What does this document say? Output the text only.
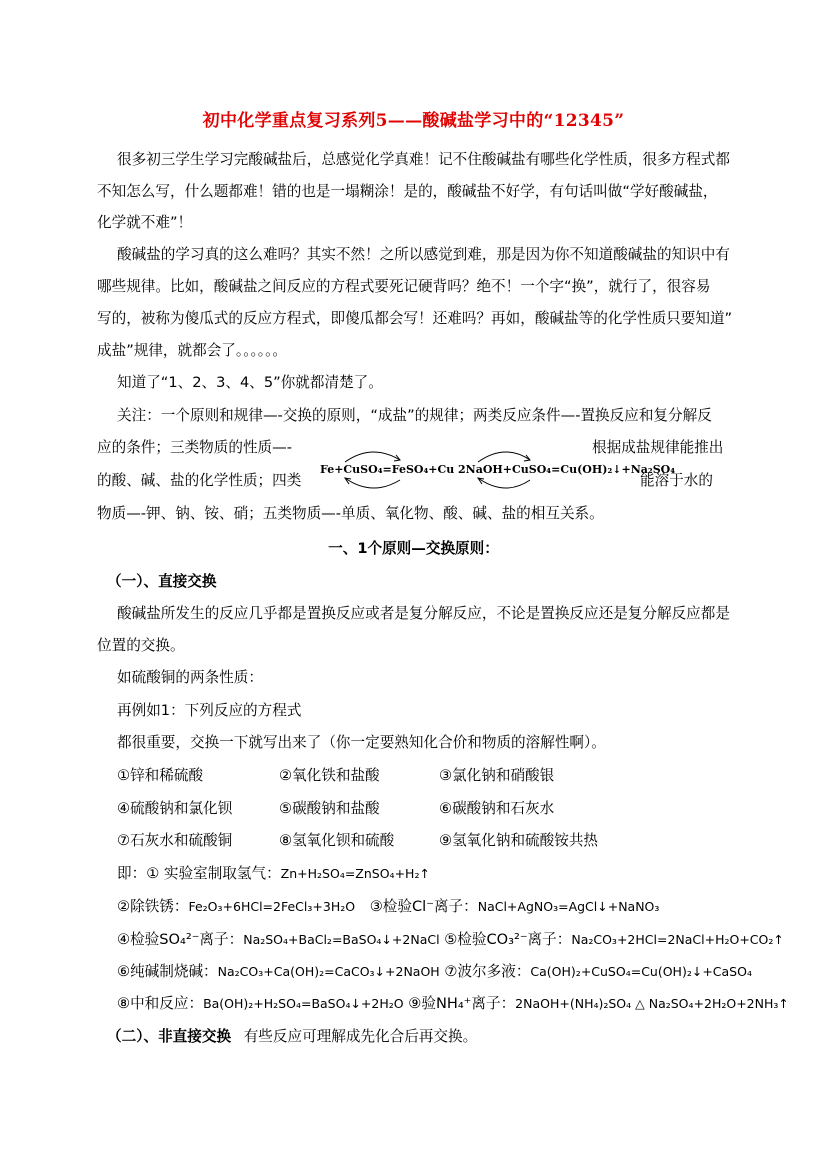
初中化学重点复习系列5——酸碱盐学习中的“12345”
很多初三学生学习完酸碱盐后，总感觉化学真难！记不住酸碱盐有哪些化学性质，很多方程式都
不知怎么写，什么题都难！错的也是一塌糊涂！是的，酸碱盐不好学，有句话叫做“学好酸碱盐，
化学就不难”！
酸碱盐的学习真的这么难吗？其实不然！之所以感觉到难，那是因为你不知道酸碱盐的知识中有
哪些规律。比如，酸碱盐之间反应的方程式要死记硬背吗？绝不！一个字“换”，就行了，很容易
写的，被称为傻瓜式的反应方程式，即傻瓜都会写！还难吗？再如，酸碱盐等的化学性质只要知道”
成盐”规律，就都会了。。。。。。
知道了“1、2、3、4、5”你就都清楚了。
关注：一个原则和规律—-交换的原则，“成盐”的规律；两类反应条件—-置换反应和复分解反
应的条件；三类物质的性质—-	根据成盐规律能推出
的酸、碱、盐的化学性质；四类	能溶于水的
物质—-钾、钠、铵、硝；五类物质—-单质、氧化物、酸、碱、盐的相互关系。
Fe+CuSO₄=FeSO₄+Cu 2NaOH+CuSO₄=Cu(OH)₂↓+Na₂SO₄
一、1个原则—交换原则：
（一）、直接交换
酸碱盐所发生的反应几乎都是置换反应或者是复分解反应，不论是置换反应还是复分解反应都是
位置的交换。
如硫酸铜的两条性质：
再例如1：下列反应的方程式
都很重要，交换一下就写出来了（你一定要熟知化合价和物质的溶解性啊）。
①锌和稀硫酸	②氧化铁和盐酸	③氯化钠和硝酸银
④硫酸钠和氯化钡	⑤碳酸钠和盐酸	⑥碳酸钠和石灰水
⑦石灰水和硫酸铜	⑧氢氧化钡和硫酸	⑨氢氧化钠和硫酸铵共热
即：① 实验室制取氢气：Zn+H₂SO₄=ZnSO₄+H₂↑
②除铁锈：Fe₂O₃+6HCl=2FeCl₃+3H₂O ③检验Cl⁻离子：NaCl+AgNO₃=AgCl↓+NaNO₃
④检验SO₄²⁻离子：Na₂SO₄+BaCl₂=BaSO₄↓+2NaCl ⑤检验CO₃²⁻离子：Na₂CO₃+2HCl=2NaCl+H₂O+CO₂↑
⑥纯碱制烧碱：Na₂CO₃+Ca(OH)₂=CaCO₃↓+2NaOH ⑦波尔多液：Ca(OH)₂+CuSO₄=Cu(OH)₂↓+CaSO₄
⑧中和反应：Ba(OH)₂+H₂SO₄=BaSO₄↓+2H₂O ⑨验NH₄⁺离子：2NaOH+(NH₄)₂SO₄ △ Na₂SO₄+2H₂O+2NH₃↑
（二）、非直接交换 有些反应可理解成先化合后再交换。
